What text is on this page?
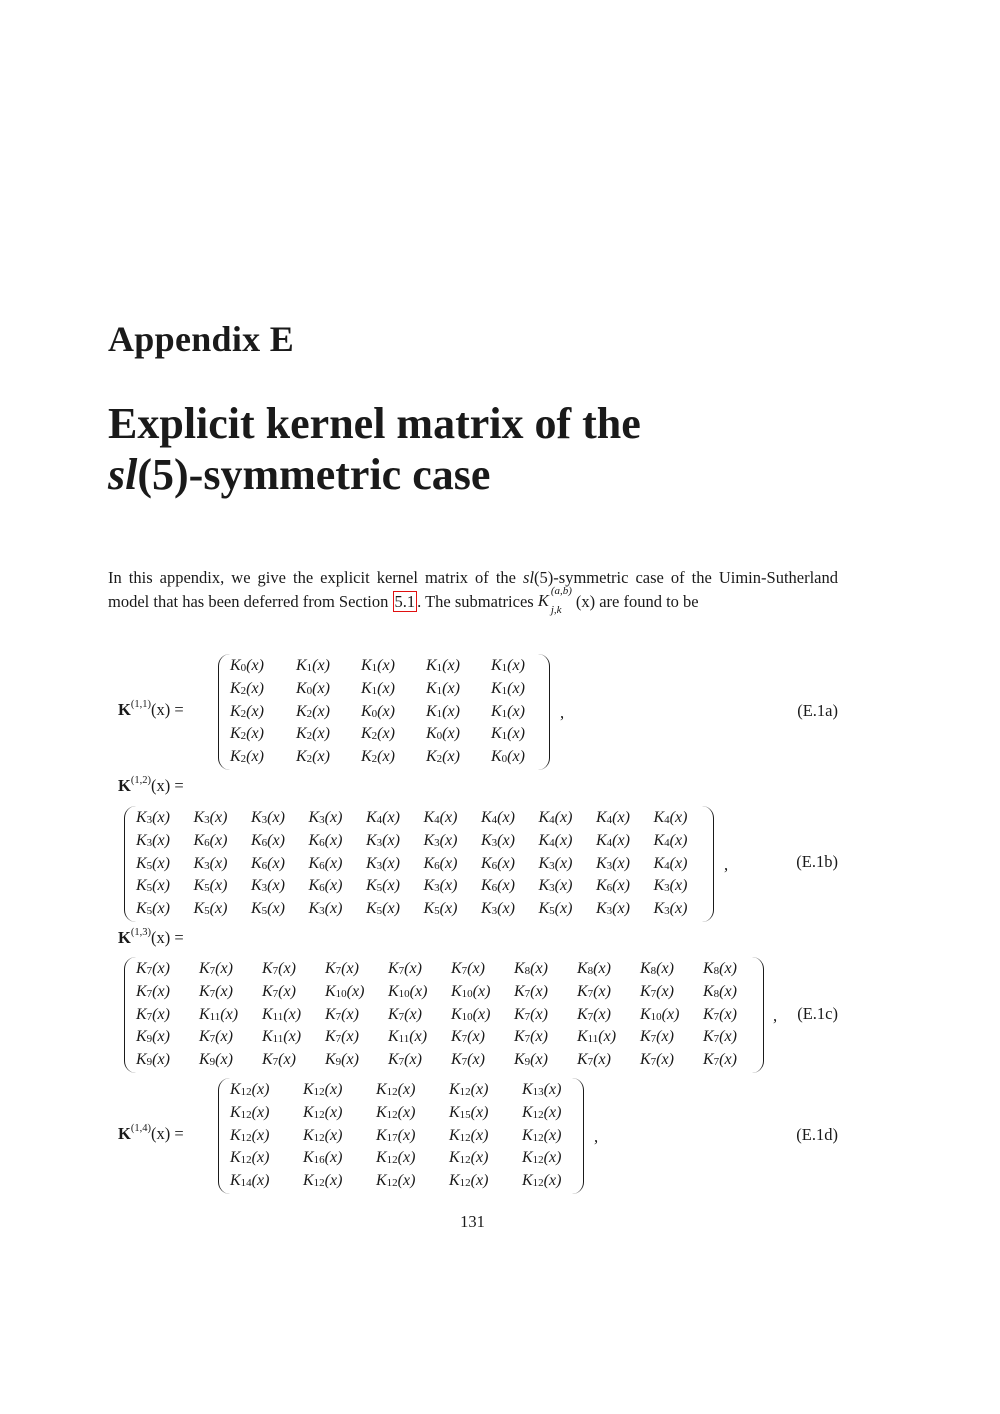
Appendix E
Explicit kernel matrix of the
sl(5)-symmetric case
In this appendix, we give the explicit kernel matrix of the sl(5)-symmetric case of the Uimin-Sutherland model that has been deferred from Section 5.1 . The submatrices K (a,b)
j,k (x) are found to be
K$^{(1,1)}$(x) =
$K_0(x)$	$K_1(x)$	$K_1(x)$	$K_1(x)$	$K_1(x)$
$K_2(x)$	$K_0(x)$	$K_1(x)$	$K_1(x)$	$K_1(x)$
$K_2(x)$	$K_2(x)$	$K_0(x)$	$K_1(x)$	$K_1(x)$
$K_2(x)$	$K_2(x)$	$K_2(x)$	$K_0(x)$	$K_1(x)$
$K_2(x)$	$K_2(x)$	$K_2(x)$	$K_2(x)$	$K_0(x)$
,	(E.1a)
K$^{(1,2)}$(x) =
$K_3(x)$	$K_3(x)$	$K_3(x)$	$K_3(x)$	$K_4(x)$	$K_4(x)$	$K_4(x)$	$K_4(x)$	$K_4(x)$	$K_4(x)$
$K_3(x)$	$K_6(x)$	$K_6(x)$	$K_6(x)$	$K_3(x)$	$K_3(x)$	$K_3(x)$	$K_4(x)$	$K_4(x)$	$K_4(x)$
$K_5(x)$	$K_3(x)$	$K_6(x)$	$K_6(x)$	$K_3(x)$	$K_6(x)$	$K_6(x)$	$K_3(x)$	$K_3(x)$	$K_4(x)$
$K_5(x)$	$K_5(x)$	$K_3(x)$	$K_6(x)$	$K_5(x)$	$K_3(x)$	$K_6(x)$	$K_3(x)$	$K_6(x)$	$K_3(x)$
$K_5(x)$	$K_5(x)$	$K_5(x)$	$K_3(x)$	$K_5(x)$	$K_5(x)$	$K_3(x)$	$K_5(x)$	$K_3(x)$	$K_3(x)$
,	(E.1b)
K$^{(1,3)}$(x) =
$K_7(x)$	$K_7(x)$	$K_7(x)$	$K_7(x)$	$K_7(x)$	$K_7(x)$	$K_8(x)$	$K_8(x)$	$K_8(x)$	$K_8(x)$
$K_7(x)$	$K_7(x)$	$K_7(x)$	$K_{10}(x)$	$K_{10}(x)$	$K_{10}(x)$	$K_7(x)$	$K_7(x)$	$K_7(x)$	$K_8(x)$
$K_7(x)$	$K_{11}(x)$	$K_{11}(x)$	$K_7(x)$	$K_7(x)$	$K_{10}(x)$	$K_7(x)$	$K_7(x)$	$K_{10}(x)$	$K_7(x)$
$K_9(x)$	$K_7(x)$	$K_{11}(x)$	$K_7(x)$	$K_{11}(x)$	$K_7(x)$	$K_7(x)$	$K_{11}(x)$	$K_7(x)$	$K_7(x)$
$K_9(x)$	$K_9(x)$	$K_7(x)$	$K_9(x)$	$K_7(x)$	$K_7(x)$	$K_9(x)$	$K_7(x)$	$K_7(x)$	$K_7(x)$
, (E.1c)
K$^{(1,4)}$(x) =
$K_{12}(x)$	$K_{12}(x)$	$K_{12}(x)$	$K_{12}(x)$	$K_{13}(x)$
$K_{12}(x)$	$K_{12}(x)$	$K_{12}(x)$	$K_{15}(x)$	$K_{12}(x)$
$K_{12}(x)$	$K_{12}(x)$	$K_{17}(x)$	$K_{12}(x)$	$K_{12}(x)$
$K_{12}(x)$	$K_{16}(x)$	$K_{12}(x)$	$K_{12}(x)$	$K_{12}(x)$
$K_{14}(x)$	$K_{12}(x)$	$K_{12}(x)$	$K_{12}(x)$	$K_{12}(x)$
,	(E.1d)
131
